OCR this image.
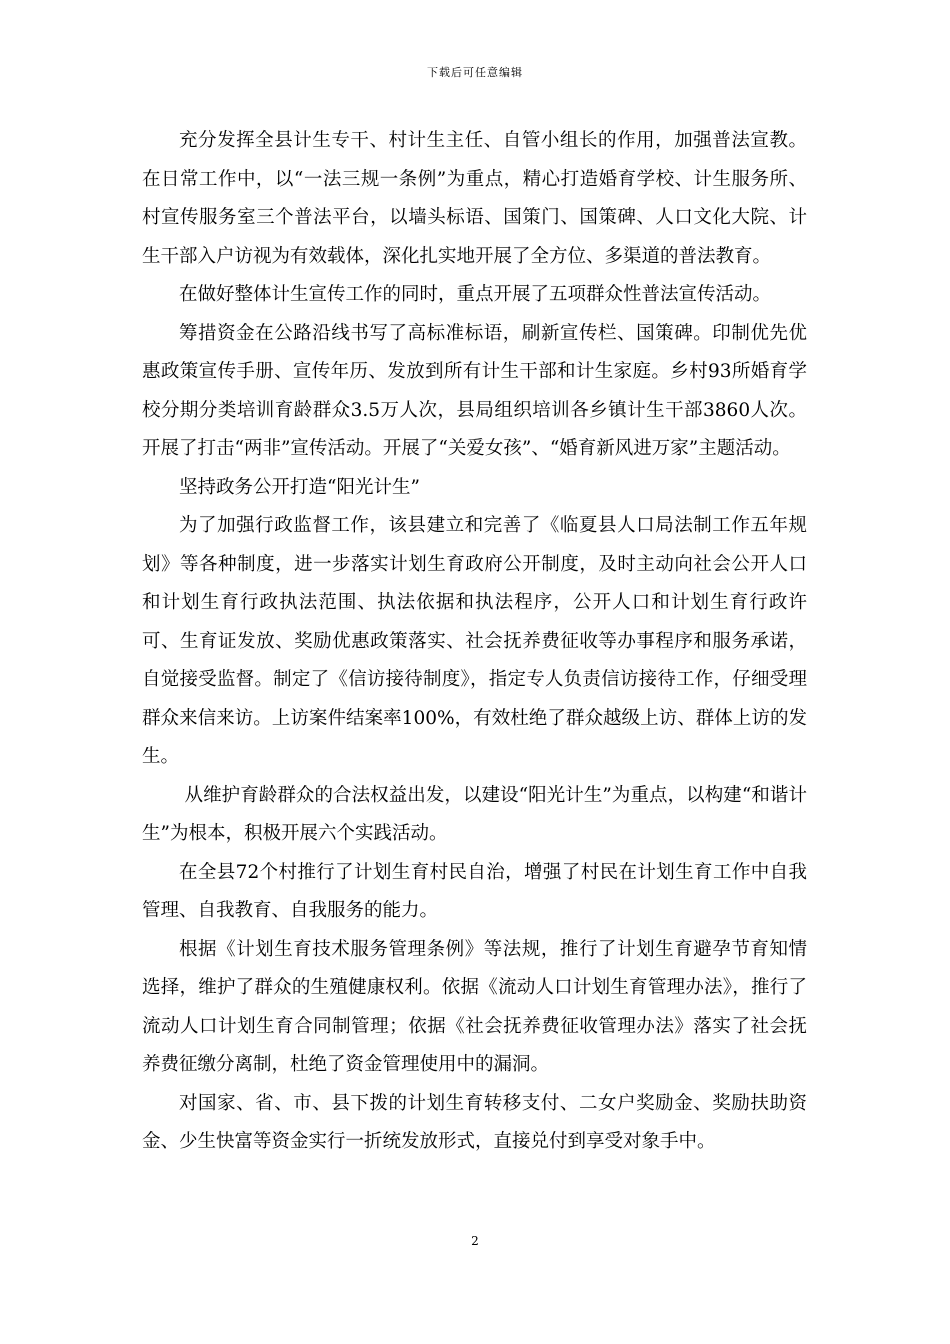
下载后可任意编辑

充分发挥全县计生专干、村计生主任、自管小组长的作用，加强普法宣教。在日常工作中，以“一法三规一条例”为重点，精心打造婚育学校、计生服务所、村宣传服务室三个普法平台，以墙头标语、国策门、国策碑、人口文化大院、计生干部入户访视为有效载体，深化扎实地开展了全方位、多渠道的普法教育。

在做好整体计生宣传工作的同时，重点开展了五项群众性普法宣传活动。

筹措资金在公路沿线书写了高标准标语，刷新宣传栏、国策碑。印制优先优惠政策宣传手册、宣传年历、发放到所有计生干部和计生家庭。乡村93所婚育学校分期分类培训育龄群众3.5万人次，县局组织培训各乡镇计生干部3860人次。开展了打击“两非”宣传活动。开展了“关爱女孩”、“婚育新风进万家”主题活动。

坚持政务公开打造“阳光计生”

为了加强行政监督工作，该县建立和完善了《临夏县人口局法制工作五年规划》等各种制度，进一步落实计划生育政府公开制度，及时主动向社会公开人口和计划生育行政执法范围、执法依据和执法程序，公开人口和计划生育行政许可、生育证发放、奖励优惠政策落实、社会抚养费征收等办事程序和服务承诺，自觉接受监督。制定了《信访接待制度》，指定专人负责信访接待工作，仔细受理群众来信来访。上访案件结案率100%，有效杜绝了群众越级上访、群体上访的发生。

从维护育龄群众的合法权益出发，以建设“阳光计生”为重点，以构建“和谐计生”为根本，积极开展六个实践活动。

在全县72个村推行了计划生育村民自治，增强了村民在计划生育工作中自我管理、自我教育、自我服务的能力。

根据《计划生育技术服务管理条例》等法规，推行了计划生育避孕节育知情选择，维护了群众的生殖健康权利。依据《流动人口计划生育管理办法》，推行了流动人口计划生育合同制管理；依据《社会抚养费征收管理办法》落实了社会抚养费征缴分离制，杜绝了资金管理使用中的漏洞。

对国家、省、市、县下拨的计划生育转移支付、二女户奖励金、奖励扶助资金、少生快富等资金实行一折统发放形式，直接兑付到享受对象手中。

2
